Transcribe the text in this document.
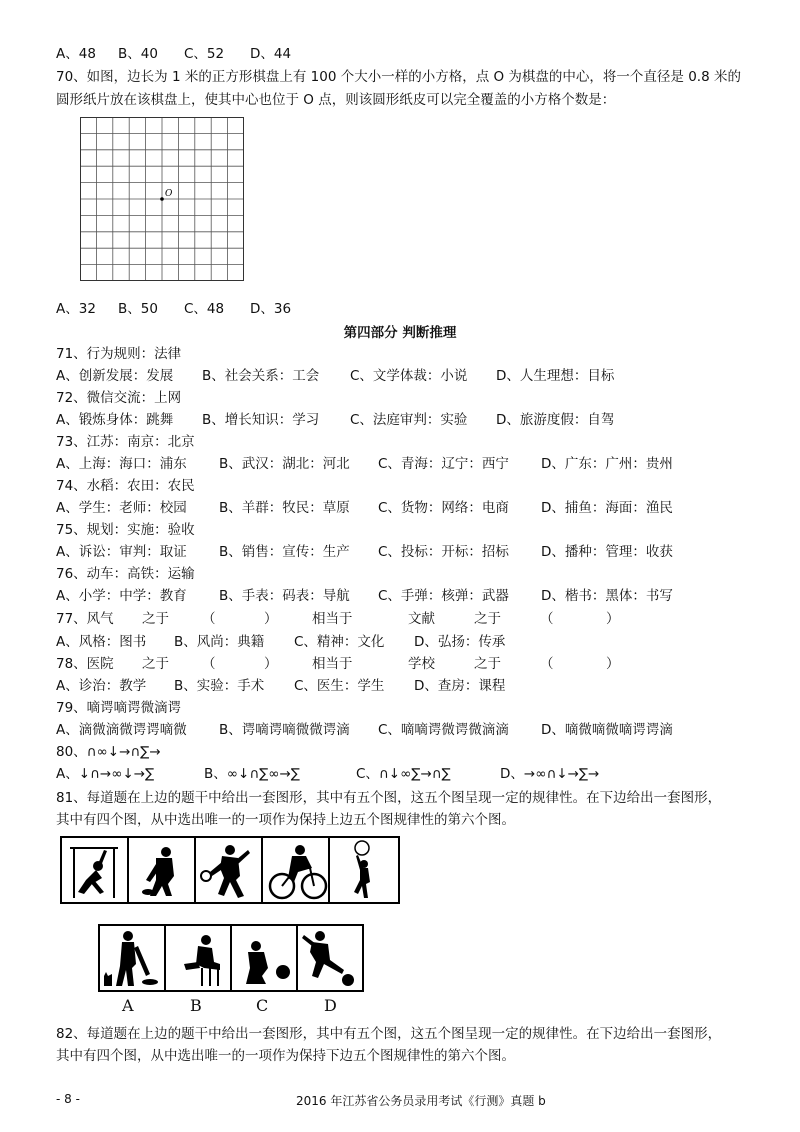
A、48 B、40 C、52 D、44
70、如图，边长为 1 米的正方形棋盘上有 100 个大小一样的小方格，点 O 为棋盘的中心，将一个直径是 0.8 米的
圆形纸片放在该棋盘上，使其中心也位于 O 点，则该圆形纸皮可以完全覆盖的小方格个数是：
O
A、32 B、50 C、48 D、36
第四部分 判断推理
71、行为规则：法律
A、创新发展：发展 B、社会关系：工会 C、文学体裁：小说 D、人生理想：目标
72、微信交流：上网
A、锻炼身体：跳舞 B、增长知识：学习 C、法庭审判：实验 D、旅游度假：自驾
73、江苏：南京：北京
A、上海：海口：浦东 B、武汉：湖北：河北 C、青海：辽宁：西宁 D、广东：广州：贵州
74、水稻：农田：农民
A、学生：老师：校园 B、羊群：牧民：草原 C、货物：网络：电商 D、捕鱼：海面：渔民
75、规划：实施：验收
A、诉讼：审判：取证 B、销售：宣传：生产 C、投标：开标：招标 D、播种：管理：收获
76、动车：高铁：运输
A、小学：中学：教育 B、手表：码表：导航 C、手弹：核弹：武器 D、楷书：黑体：书写
77、风气 之于 （	）	相当于	文献	之于	（	）
A、风格：图书 B、风尚：典籍 C、精神：文化 D、弘扬：传承
78、医院 之于 （	）	相当于	学校	之于	（	）
A、诊治：教学 B、实验：手术 C、医生：学生 D、查房：课程
79、嘀谔嘀谔微滴谔
A、滴微滴微谔谔嘀微 B、谔嘀谔嘀微微谔滴 C、嘀嘀谔微谔微滴滴 D、嘀微嘀微嘀谔谔滴
80、∩∞↓→∩∑→
A、↓∩→∞↓→∑	B、∞↓∩∑∞→∑	C、∩↓∞∑→∩∑	D、→∞∩↓→∑→
81、每道题在上边的题干中给出一套图形，其中有五个图，这五个图呈现一定的规律性。在下边给出一套图形，
其中有四个图，从中选出唯一的一项作为保持上边五个图规律性的第六个图。
A	B	C	D
82、每道题在上边的题干中给出一套图形，其中有五个图，这五个图呈现一定的规律性。在下边给出一套图形，
其中有四个图，从中选出唯一的一项作为保持下边五个图规律性的第六个图。
- 8 -	2016 年江苏省公务员录用考试《行测》真题 b
